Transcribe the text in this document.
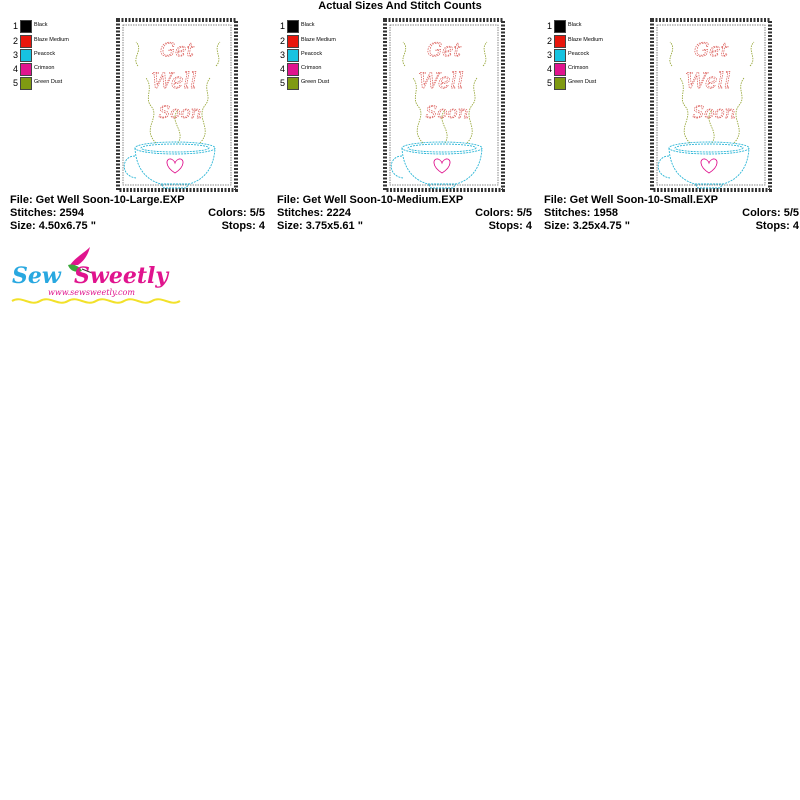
Actual Sizes And Stitch Counts
1	Black
2	Blaze Medium
3	Peacock
4	Crimson
5	Green Dust
Get
Well
Soon
File: Get Well Soon-10-Large.EXP
Stitches: 2594	Colors: 5/5
Size: 4.50x6.75 "	Stops: 4
1	Black
2	Blaze Medium
3	Peacock
4	Crimson
5	Green Dust
Get
Well
Soon
File: Get Well Soon-10-Medium.EXP
Stitches: 2224	Colors: 5/5
Size: 3.75x5.61 "	Stops: 4
1	Black
2	Blaze Medium
3	Peacock
4	Crimson
5	Green Dust
Get
Well
Soon
File: Get Well Soon-10-Small.EXP
Stitches: 1958	Colors: 5/5
Size: 3.25x4.75 "	Stops: 4
Sew Sweetly
www.sewsweetly.com
